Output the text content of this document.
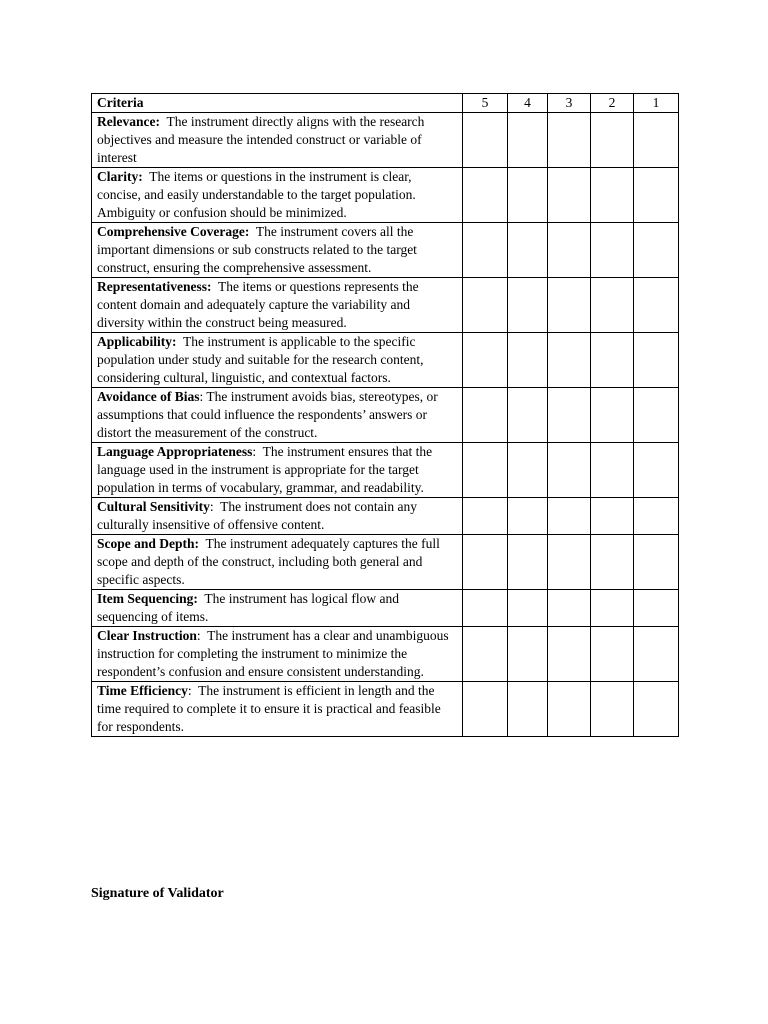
Criteria	5	4	3	2	1
Relevance: The instrument directly aligns with the research objectives and measure the intended construct or variable of interest					
Clarity: The items or questions in the instrument is clear, concise, and easily understandable to the target population. Ambiguity or confusion should be minimized.					
Comprehensive Coverage: The instrument covers all the important dimensions or sub constructs related to the target construct, ensuring the comprehensive assessment.					
Representativeness: The items or questions represents the content domain and adequately capture the variability and diversity within the construct being measured.					
Applicability: The instrument is applicable to the specific population under study and suitable for the research content, considering cultural, linguistic, and contextual factors.					
Avoidance of Bias: The instrument avoids bias, stereotypes, or assumptions that could influence the respondents’ answers or distort the measurement of the construct.					
Language Appropriateness:  The instrument ensures that the language used in the instrument is appropriate for the target population in terms of vocabulary, grammar, and readability.					
Cultural Sensitivity:  The instrument does not contain any culturally insensitive of offensive content.					
Scope and Depth: The instrument adequately captures the full scope and depth of the construct, including both general and specific aspects.					
Item Sequencing: The instrument has logical flow and sequencing of items.					
Clear Instruction:  The instrument has a clear and unambiguous instruction for completing the instrument to minimize the respondent’s confusion and ensure consistent understanding.					
Time Efficiency:  The instrument is efficient in length and the time required to complete it to ensure it is practical and feasible for respondents.					
Signature of Validator
